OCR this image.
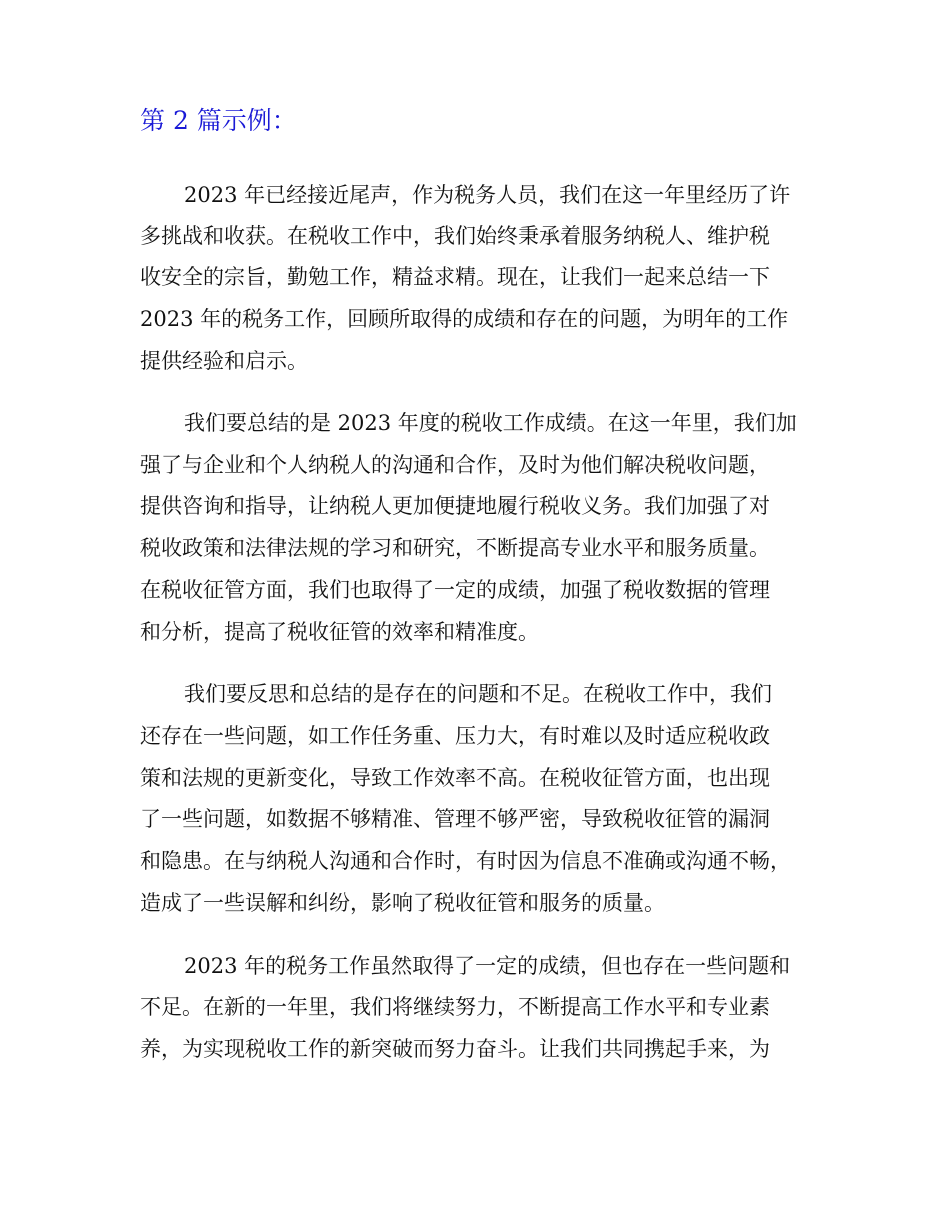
第 2 篇示例：
2023 年已经接近尾声，作为税务人员，我们在这一年里经历了许
多挑战和收获。在税收工作中，我们始终秉承着服务纳税人、维护税
收安全的宗旨，勤勉工作，精益求精。现在，让我们一起来总结一下
2023 年的税务工作，回顾所取得的成绩和存在的问题，为明年的工作
提供经验和启示。
我们要总结的是 2023 年度的税收工作成绩。在这一年里，我们加
强了与企业和个人纳税人的沟通和合作，及时为他们解决税收问题，
提供咨询和指导，让纳税人更加便捷地履行税收义务。我们加强了对
税收政策和法律法规的学习和研究，不断提高专业水平和服务质量。
在税收征管方面，我们也取得了一定的成绩，加强了税收数据的管理
和分析，提高了税收征管的效率和精准度。
我们要反思和总结的是存在的问题和不足。在税收工作中，我们
还存在一些问题，如工作任务重、压力大，有时难以及时适应税收政
策和法规的更新变化，导致工作效率不高。在税收征管方面，也出现
了一些问题，如数据不够精准、管理不够严密，导致税收征管的漏洞
和隐患。在与纳税人沟通和合作时，有时因为信息不准确或沟通不畅，
造成了一些误解和纠纷，影响了税收征管和服务的质量。
2023 年的税务工作虽然取得了一定的成绩，但也存在一些问题和
不足。在新的一年里，我们将继续努力，不断提高工作水平和专业素
养，为实现税收工作的新突破而努力奋斗。让我们共同携起手来，为
